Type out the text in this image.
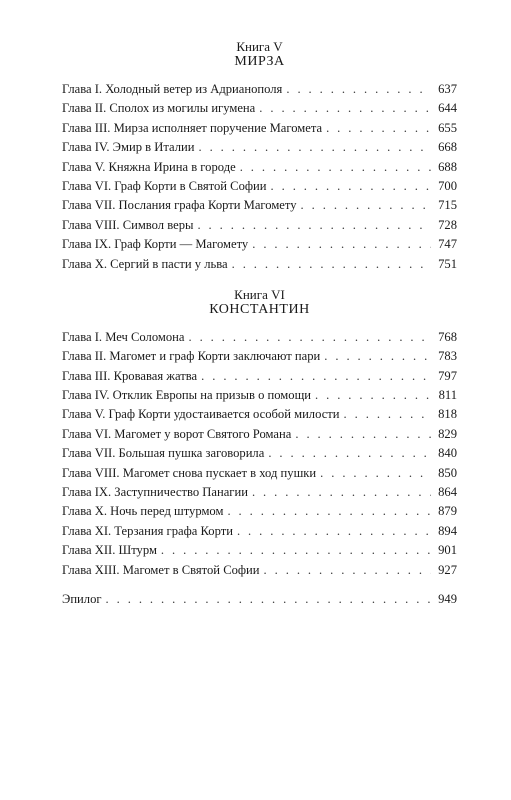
Книга V

МИРЗА

Глава I. Холодный ветер из Адрианополя . . .	637
Глава II. Сполох из могилы игумена . . .	644
Глава III. Мирза исполняет поручение Магомета . . .	655
Глава IV. Эмир в Италии . . .	668
Глава V. Княжна Ирина в городе . . .	688
Глава VI. Граф Корти в Святой Софии . . .	700
Глава VII. Послания графа Корти Магомету . . .	715
Глава VIII. Символ веры . . .	728
Глава IX. Граф Корти — Магомету . . .	747
Глава X. Сергий в пасти у льва . . .	751

Книга VI

КОНСТАНТИН

Глава I. Меч Соломона . . .	768
Глава II. Магомет и граф Корти заключают пари . . .	783
Глава III. Кровавая жатва . . .	797
Глава IV. Отклик Европы на призыв о помощи . . .	811
Глава V. Граф Корти удостаивается особой милости . . .	818
Глава VI. Магомет у ворот Святого Романа . . .	829
Глава VII. Большая пушка заговорила . . .	840
Глава VIII. Магомет снова пускает в ход пушки . . .	850
Глава IX. Заступничество Панагии . . .	864
Глава X. Ночь перед штурмом . . .	879
Глава XI. Терзания графа Корти . . .	894
Глава XII. Штурм . . .	901
Глава XIII. Магомет в Святой Софии . . .	927
Эпилог . . .	949
